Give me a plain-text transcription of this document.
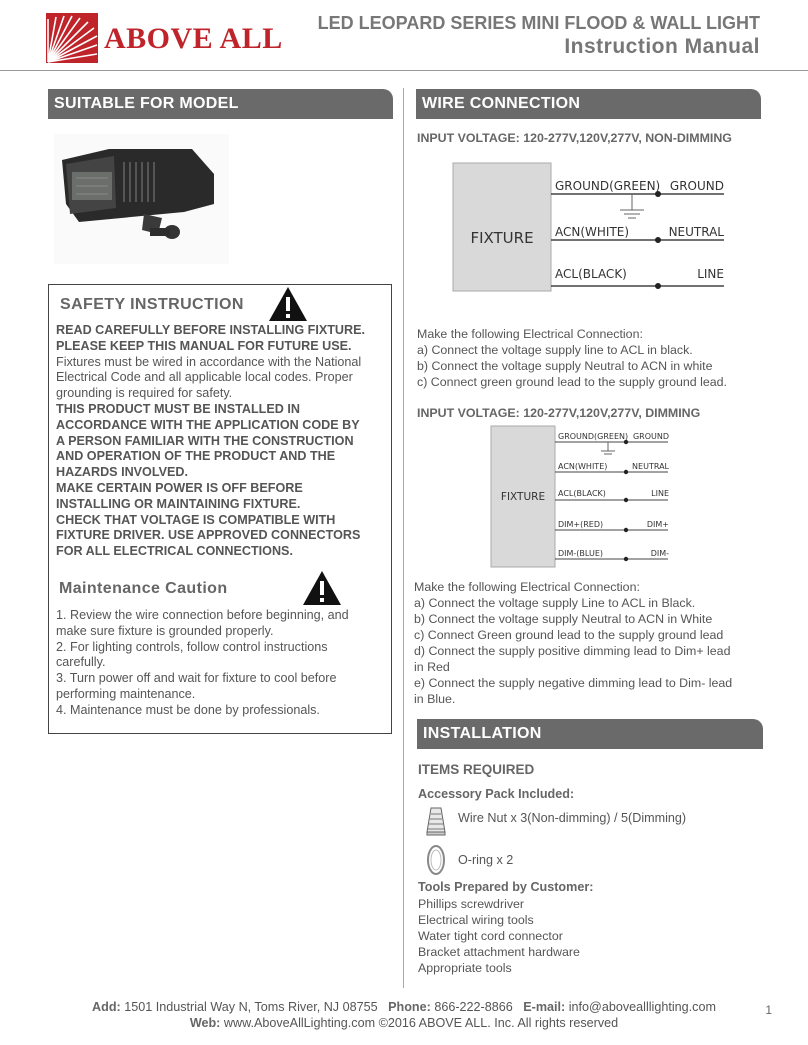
ABOVE ALL LED LEOPARD SERIES MINI FLOOD & WALL LIGHT
Instruction Manual
SUITABLE FOR MODEL
SAFETY INSTRUCTION
READ CAREFULLY BEFORE INSTALLING FIXTURE.
PLEASE KEEP THIS MANUAL FOR FUTURE USE.
Fixtures must be wired in accordance with the National
Electrical Code and all applicable local codes. Proper
grounding is required for safety.
THIS PRODUCT MUST BE INSTALLED IN
ACCORDANCE WITH THE APPLICATION CODE BY
A PERSON FAMILIAR WITH THE CONSTRUCTION
AND OPERATION OF THE PRODUCT AND THE
HAZARDS INVOLVED.
MAKE CERTAIN POWER IS OFF BEFORE
INSTALLING OR MAINTAINING FIXTURE.
CHECK THAT VOLTAGE IS COMPATIBLE WITH
FIXTURE DRIVER. USE APPROVED CONNECTORS
FOR ALL ELECTRICAL CONNECTIONS.
Maintenance Caution
1. Review the wire connection before beginning, and
make sure fixture is grounded properly.
2. For lighting controls, follow control instructions
carefully.
3. Turn power off and wait for fixture to cool before
performing maintenance.
4. Maintenance must be done by professionals.
WIRE CONNECTION
INPUT VOLTAGE: 120-277V,120V,277V, NON-DIMMING
FIXTURE
GROUND(GREEN) GROUND
ACN(WHITE)	NEUTRAL
ACL(BLACK)	LINE
Make the following Electrical Connection:
a) Connect the voltage supply line to ACL in black.
b) Connect the voltage supply Neutral to ACN in white
c) Connect green ground lead to the supply ground lead.
INPUT VOLTAGE: 120-277V,120V,277V, DIMMING
FIXTURE
GROUND(GREEN) GROUND
ACN(WHITE)	NEUTRAL
ACL(BLACK)	LINE
DIM+(RED)	DIM+
DIM-(BLUE)	DIM-
Make the following Electrical Connection:
a) Connect the voltage supply Line to ACL in Black.
b) Connect the voltage supply Neutral to ACN in White
c) Connect Green ground lead to the supply ground lead
d) Connect the supply positive dimming lead to Dim+ lead
in Red
e) Connect the supply negative dimming lead to Dim- lead
in Blue.
INSTALLATION
ITEMS REQUIRED
Accessory Pack Included:
Wire Nut x 3(Non-dimming) / 5(Dimming)
O-ring x 2
Tools Prepared by Customer:
Phillips screwdriver
Electrical wiring tools
Water tight cord connector
Bracket attachment hardware
Appropriate tools
Add: 1501 Industrial Way N, Toms River, NJ 08755 Phone: 866-222-8866 E-mail: info@abovealllighting.com
Web: www.AboveAllLighting.com ©2016 ABOVE ALL. Inc. All rights reserved
1
